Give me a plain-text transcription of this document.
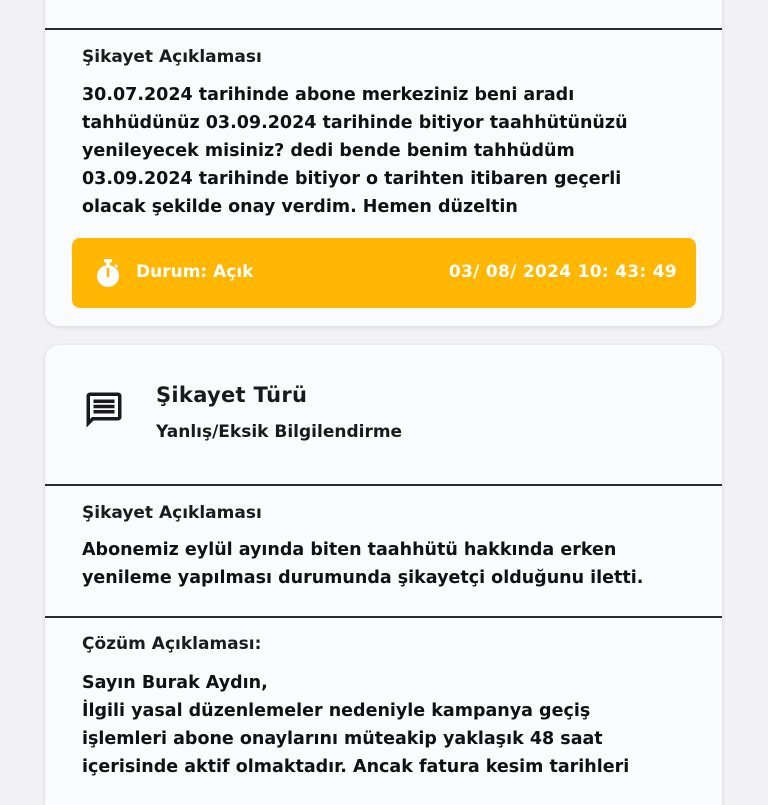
Şikayet Açıklaması

30.07.2024 tarihinde abone merkeziniz beni aradı
tahhüdünüz 03.09.2024 tarihinde bitiyor taahhütünüzü
yenileyecek misiniz? dedi bende benim tahhüdüm
03.09.2024 tarihinde bitiyor o tarihten itibaren geçerli
olacak şekilde onay verdim. Hemen düzeltin

Durum: Açık	03/ 08/ 2024 10: 43: 49
Şikayet Türü
Yanlış/Eksik Bilgilendirme
Şikayet Açıklaması

Abonemiz eylül ayında biten taahhütü hakkında erken
yenileme yapılması durumunda şikayetçi olduğunu iletti.

Çözüm Açıklaması:

Sayın Burak Aydın,
İlgili yasal düzenlemeler nedeniyle kampanya geçiş
işlemleri abone onaylarını müteakip yaklaşık 48 saat
içerisinde aktif olmaktadır. Ancak fatura kesim tarihleri
